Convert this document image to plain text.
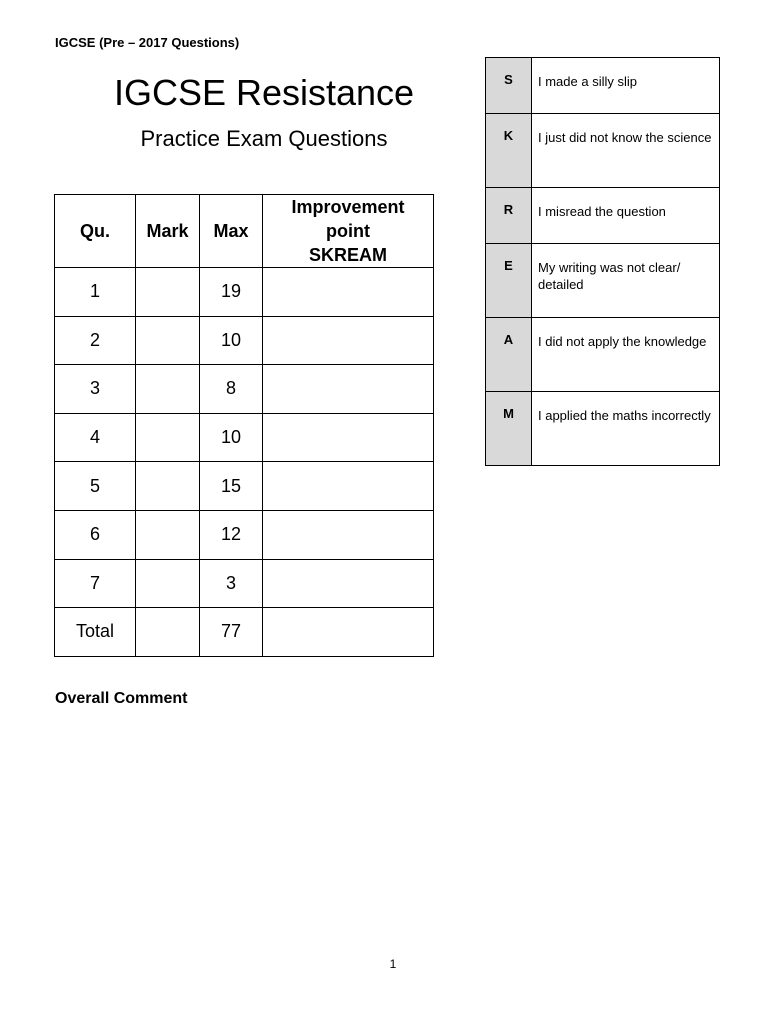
IGCSE (Pre – 2017 Questions)
IGCSE Resistance
Practice Exam Questions
Qu.	Mark	Max	Improvement
point
SKREAM

1		19	
2		10	
3		8	
4		10	
5		15	
6		12	
7		3	
Total		77	
S	I made a silly slip
K	I just did not know the science
R	I misread the question
E	My writing was not clear/ detailed
A	I did not apply the knowledge
M	I applied the maths incorrectly
Overall Comment
1
